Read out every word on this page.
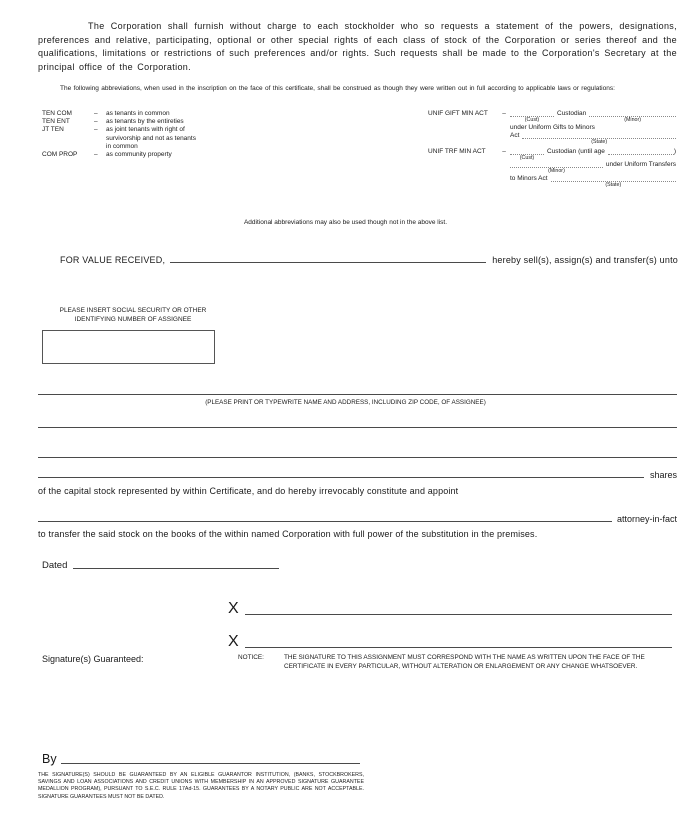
The Corporation shall furnish without charge to each stockholder who so requests a statement of the powers, designations, preferences and relative, participating, optional or other special rights of each class of stock of the Corporation or series thereof and the qualifications, limitations or restrictions of such preferences and/or rights. Such requests shall be made to the Corporation's Secretary at the principal office of the Corporation.

The following abbreviations, when used in the inscription on the face of this certificate, shall be construed as though they were written out in full according to applicable laws or regulations:

TEN COM	–	as tenants in common
TEN ENT	–	as tenants by the entireties
JT TEN	–	as joint tenants with right of
survivorship and not as tenants
in common
COM PROP	–	as community property
UNIF GIFT MIN ACT	–
(Cust)
Custodian
(Minor)
under Uniform Gifts to Minors
Act
(State)
UNIF TRF MIN ACT	–
(Cust)
Custodian (until age	)
(Minor)
under Uniform Transfers
to Minors Act
(State)
Additional abbreviations may also be used though not in the above list.
FOR VALUE RECEIVED,	hereby sell(s), assign(s) and transfer(s) unto
PLEASE INSERT SOCIAL SECURITY OR OTHER
IDENTIFYING NUMBER OF ASSIGNEE
(PLEASE PRINT OR TYPEWRITE NAME AND ADDRESS, INCLUDING ZIP CODE, OF ASSIGNEE)
shares
of the capital stock represented by within Certificate, and do hereby irrevocably constitute and appoint
attorney-in-fact
to transfer the said stock on the books of the within named Corporation with full power of the substitution in the premises.
Dated
X
X
Signature(s) Guaranteed:	NOTICE:	THE SIGNATURE TO THIS ASSIGNMENT MUST CORRESPOND WITH THE NAME AS WRITTEN UPON THE FACE OF THE CERTIFICATE IN EVERY PARTICULAR, WITHOUT ALTERATION OR ENLARGEMENT OR ANY CHANGE WHATSOEVER.
By
THE SIGNATURE(S) SHOULD BE GUARANTEED BY AN ELIGIBLE GUARANTOR INSTITUTION, (BANKS, STOCKBROKERS, SAVINGS AND LOAN ASSOCIATIONS AND CREDIT UNIONS WITH MEMBERSHIP IN AN APPROVED SIGNATURE GUARANTEE MEDALLION PROGRAM), PURSUANT TO S.E.C. RULE 17Ad-15. GUARANTEES BY A NOTARY PUBLIC ARE NOT ACCEPTABLE. SIGNATURE GUARANTEES MUST NOT BE DATED.
